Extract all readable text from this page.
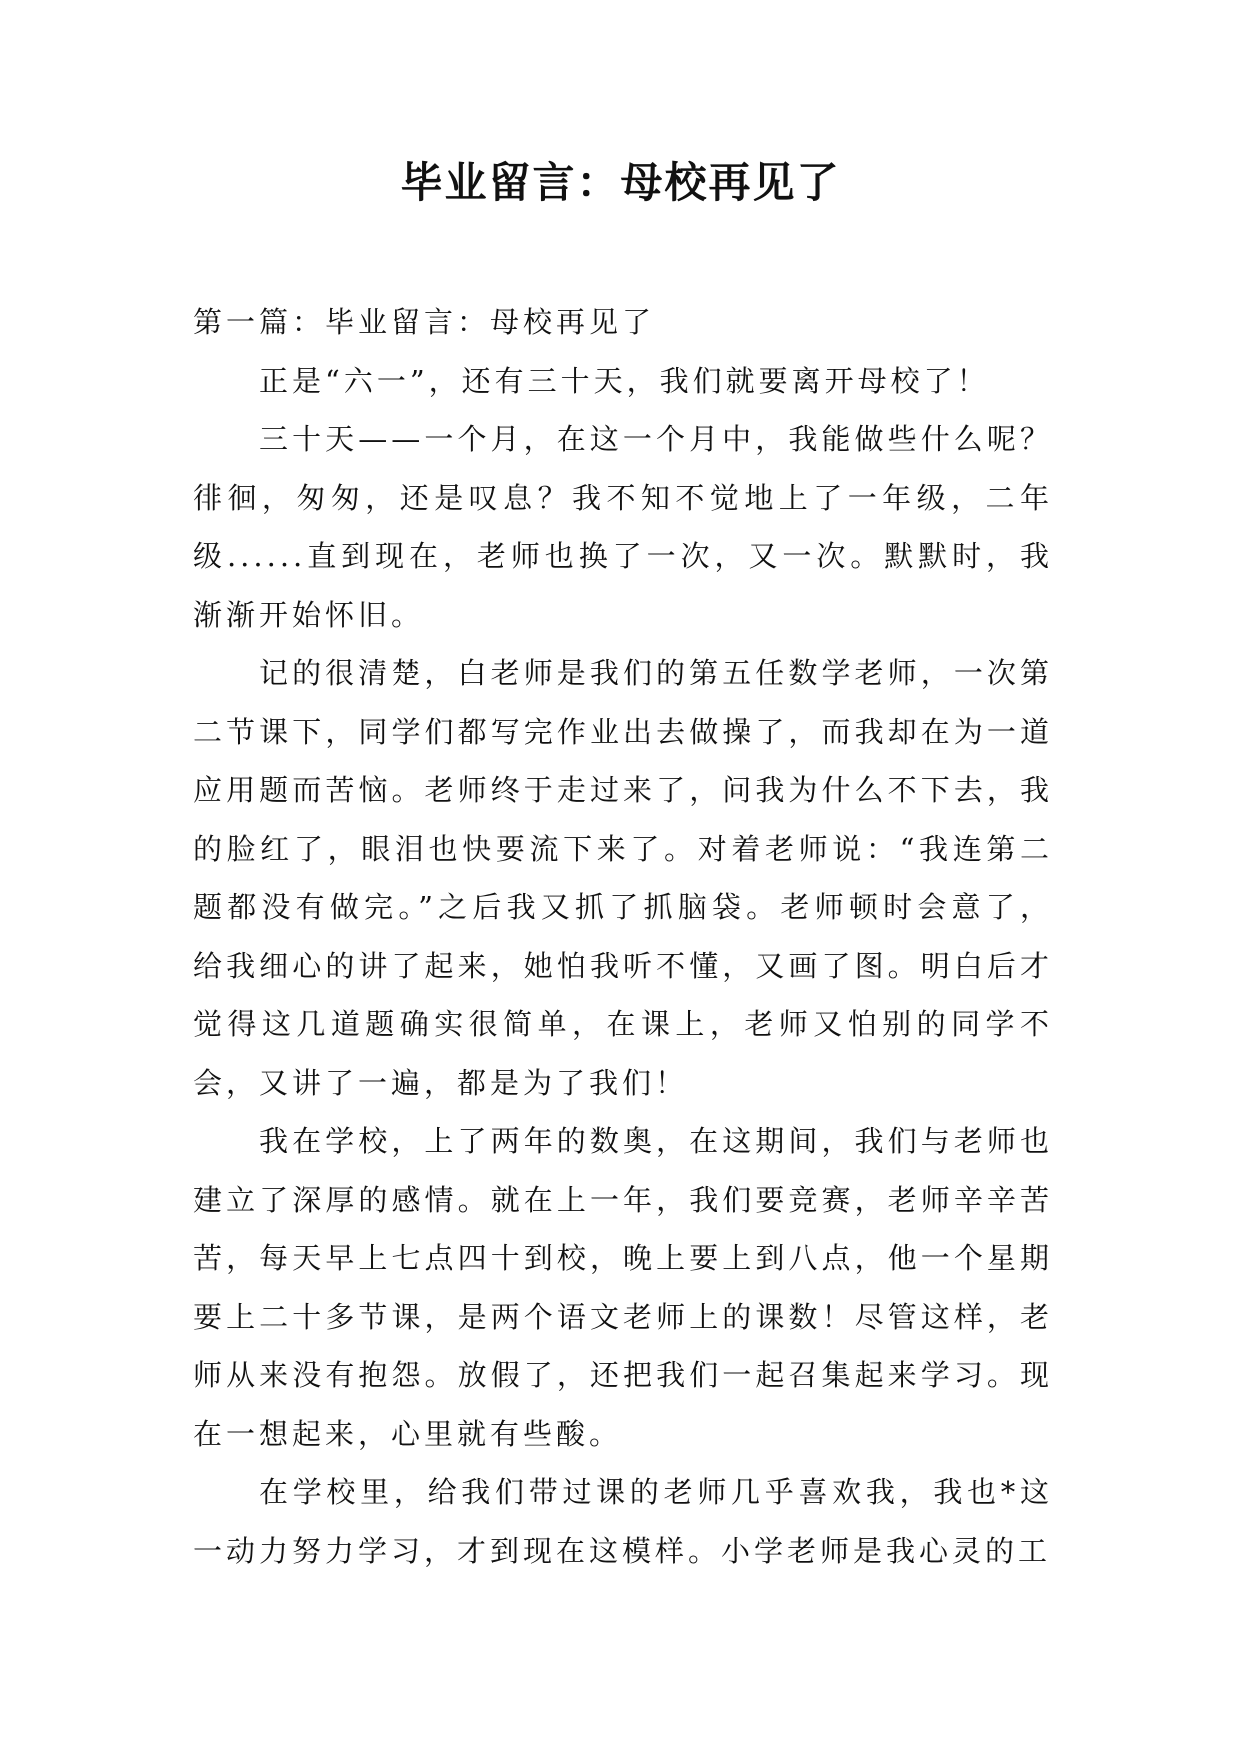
毕业留言：母校再见了

第一篇：毕业留言：母校再见了

正是“六一”，还有三十天，我们就要离开母校了！

三十天——一个月，在这一个月中，我能做些什么呢？徘徊，匆匆，还是叹息？我不知不觉地上了一年级，二年级......直到现在，老师也换了一次，又一次。默默时，我渐渐开始怀旧。

记的很清楚，白老师是我们的第五任数学老师，一次第二节课下，同学们都写完作业出去做操了，而我却在为一道应用题而苦恼。老师终于走过来了，问我为什么不下去，我的脸红了，眼泪也快要流下来了。对着老师说：“我连第二题都没有做完。”之后我又抓了抓脑袋。老师顿时会意了，给我细心的讲了起来，她怕我听不懂，又画了图。明白后才觉得这几道题确实很简单，在课上，老师又怕别的同学不会，又讲了一遍，都是为了我们！

我在学校，上了两年的数奥，在这期间，我们与老师也建立了深厚的感情。就在上一年，我们要竞赛，老师辛辛苦苦，每天早上七点四十到校，晚上要上到八点，他一个星期要上二十多节课，是两个语文老师上的课数！尽管这样，老师从来没有抱怨。放假了，还把我们一起召集起来学习。现在一想起来，心里就有些酸。

在学校里，给我们带过课的老师几乎喜欢我，我也*这一动力努力学习，才到现在这模样。小学老师是我心灵的工
